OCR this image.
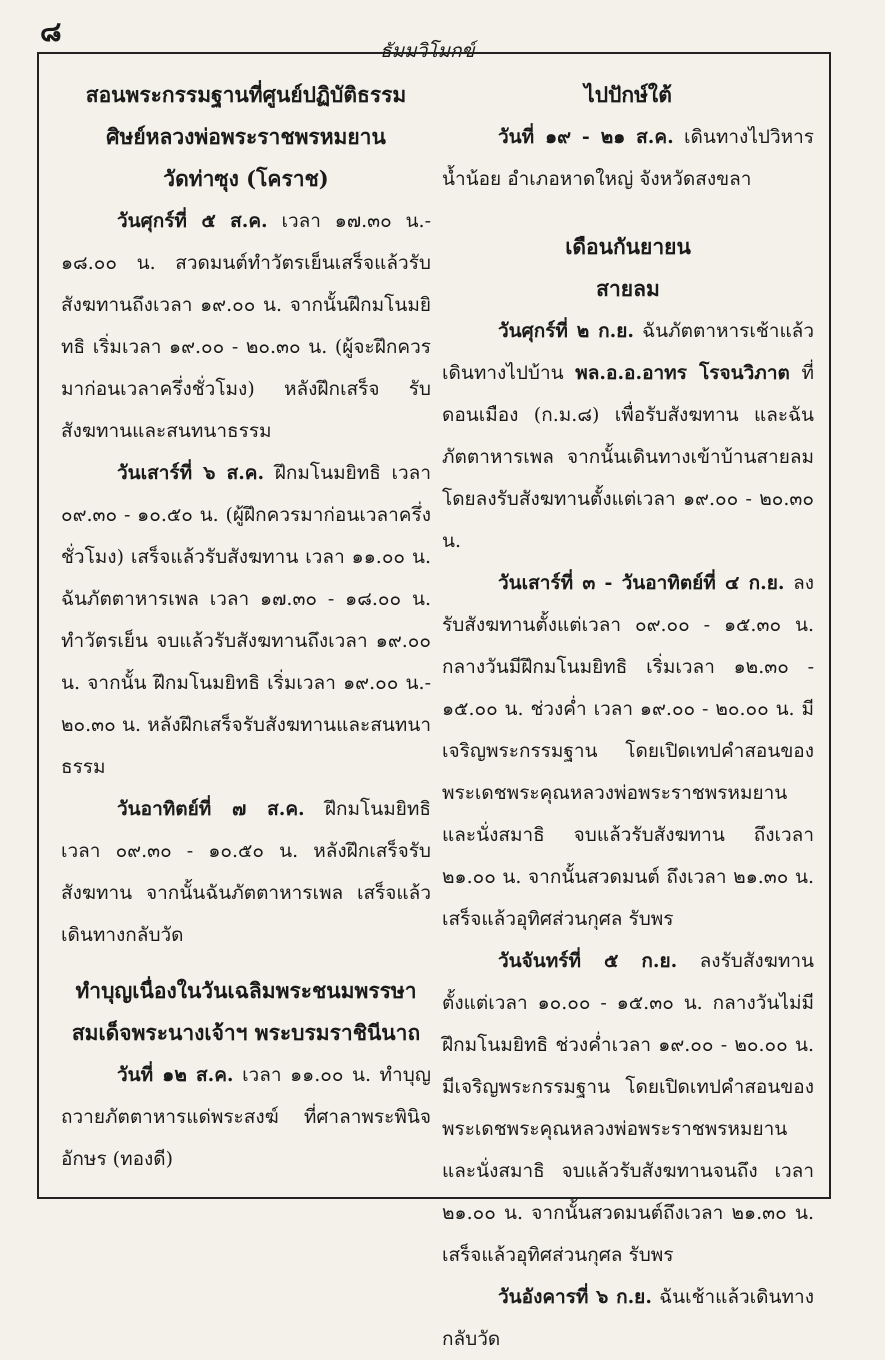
๘
ธัมมวิโมกข์
สอนพระกรรมฐานที่ศูนย์ปฏิบัติธรรม
ศิษย์หลวงพ่อพระราชพรหมยาน
วัดท่าซุง (โคราช)

วันศุกร์ที่ ๕ ส.ค. เวลา ๑๗.๓๐ น.- ๑๘.๐๐ น. สวดมนต์ทำวัตรเย็นเสร็จแล้วรับสังฆทานถึงเวลา ๑๙.๐๐ น. จากนั้นฝึกมโนมยิทธิ เริ่มเวลา ๑๙.๐๐ - ๒๐.๓๐ น. (ผู้จะฝึกควรมาก่อนเวลาครึ่งชั่วโมง) หลังฝึกเสร็จ รับสังฆทานและสนทนาธรรม

วันเสาร์ที่ ๖ ส.ค. ฝึกมโนมยิทธิ เวลา ๐๙.๓๐ - ๑๐.๕๐ น. (ผู้ฝึกควรมาก่อนเวลาครึ่งชั่วโมง) เสร็จแล้วรับสังฆทาน เวลา ๑๑.๐๐ น. ฉันภัตตาหารเพล เวลา ๑๗.๓๐ - ๑๘.๐๐ น. ทำวัตรเย็น จบแล้วรับสังฆทานถึงเวลา ๑๙.๐๐ น. จากนั้น ฝึกมโนมยิทธิ เริ่มเวลา ๑๙.๐๐ น.- ๒๐.๓๐ น. หลังฝึกเสร็จรับสังฆทานและสนทนาธรรม

วันอาทิตย์ที่ ๗ ส.ค. ฝึกมโนมยิทธิ เวลา ๐๙.๓๐ - ๑๐.๕๐ น. หลังฝึกเสร็จรับสังฆทาน จากนั้นฉันภัตตาหารเพล เสร็จแล้วเดินทางกลับวัด

ทำบุญเนื่องในวันเฉลิมพระชนมพรรษา
สมเด็จพระนางเจ้าฯ พระบรมราชินีนาถ

วันที่ ๑๒ ส.ค. เวลา ๑๑.๐๐ น. ทำบุญถวายภัตตาหารแด่พระสงฆ์ ที่ศาลาพระพินิจอักษร (ทองดี)

ไปปักษ์ใต้

วันที่ ๑๙ - ๒๑ ส.ค. เดินทางไปวิหารน้ำน้อย อำเภอหาดใหญ่ จังหวัดสงขลา

เดือนกันยายน
สายลม

วันศุกร์ที่ ๒ ก.ย. ฉันภัตตาหารเช้าแล้วเดินทางไปบ้าน พล.อ.อ.อาทร โรจนวิภาต ที่ดอนเมือง (ก.ม.๘) เพื่อรับสังฆทาน และฉันภัตตาหารเพล จากนั้นเดินทางเข้าบ้านสายลม โดยลงรับสังฆทานตั้งแต่เวลา ๑๙.๐๐ - ๒๐.๓๐ น.

วันเสาร์ที่ ๓ - วันอาทิตย์ที่ ๔ ก.ย. ลงรับสังฆทานตั้งแต่เวลา ๐๙.๐๐ - ๑๕.๓๐ น. กลางวันมีฝึกมโนมยิทธิ เริ่มเวลา ๑๒.๓๐ - ๑๕.๐๐ น. ช่วงค่ำ เวลา ๑๙.๐๐ - ๒๐.๐๐ น. มีเจริญพระกรรมฐาน โดยเปิดเทปคำสอนของพระเดชพระคุณหลวงพ่อพระราชพรหมยานและนั่งสมาธิ จบแล้วรับสังฆทาน ถึงเวลา ๒๑.๐๐ น. จากนั้นสวดมนต์ ถึงเวลา ๒๑.๓๐ น. เสร็จแล้วอุทิศส่วนกุศล รับพร

วันจันทร์ที่ ๕ ก.ย. ลงรับสังฆทาน ตั้งแต่เวลา ๑๐.๐๐ - ๑๕.๓๐ น. กลางวันไม่มีฝึกมโนมยิทธิ ช่วงค่ำเวลา ๑๙.๐๐ - ๒๐.๐๐ น. มีเจริญพระกรรมฐาน โดยเปิดเทปคำสอนของพระเดชพระคุณหลวงพ่อพระราชพรหมยานและนั่งสมาธิ จบแล้วรับสังฆทานจนถึง เวลา ๒๑.๐๐ น. จากนั้นสวดมนต์ถึงเวลา ๒๑.๓๐ น. เสร็จแล้วอุทิศส่วนกุศล รับพร

วันอังคารที่ ๖ ก.ย. ฉันเช้าแล้วเดินทางกลับวัด
